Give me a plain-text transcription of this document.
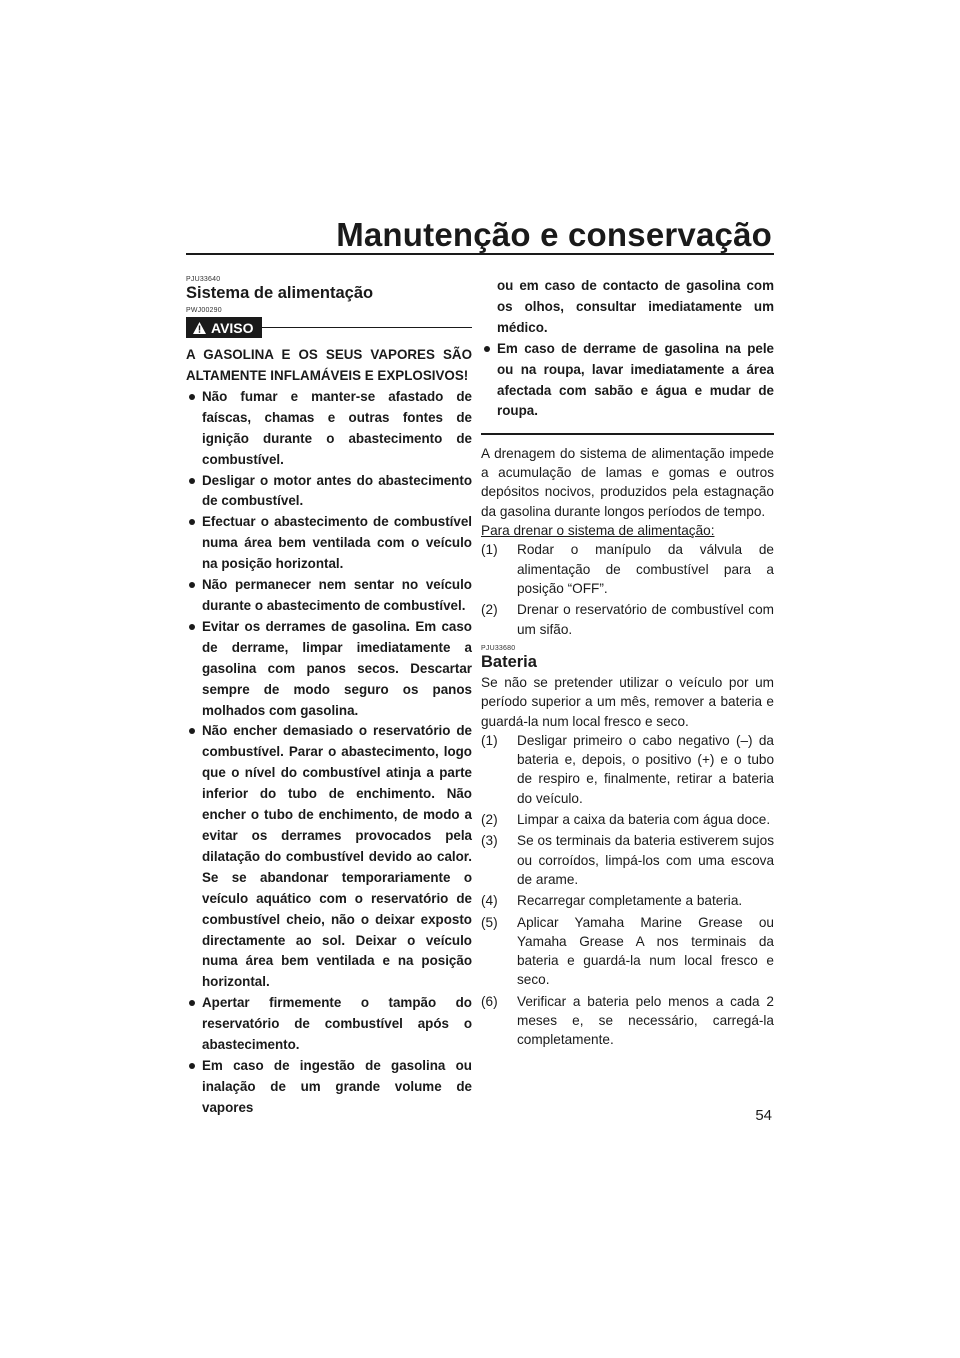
Manutenção e conservação
PJU33640
Sistema de alimentação
PWJ00290
AVISO
A GASOLINA E OS SEUS VAPORES SÃO ALTAMENTE INFLAMÁVEIS E EXPLOSIVOS!
Não fumar e manter-se afastado de faíscas, chamas e outras fontes de ignição durante o abastecimento de combustível.
Desligar o motor antes do abastecimento de combustível.
Efectuar o abastecimento de combustível numa área bem ventilada com o veículo na posição horizontal.
Não permanecer nem sentar no veículo durante o abastecimento de combustível.
Evitar os derrames de gasolina. Em caso de derrame, limpar imediatamente a gasolina com panos secos. Descartar sempre de modo seguro os panos molhados com gasolina.
Não encher demasiado o reservatório de combustível. Parar o abastecimento, logo que o nível do combustível atinja a parte inferior do tubo de enchimento. Não encher o tubo de enchimento, de modo a evitar os derrames provocados pela dilatação do combustível devido ao calor. Se se abandonar temporariamente o veículo aquático com o reservatório de combustível cheio, não o deixar exposto directamente ao sol. Deixar o veículo numa área bem ventilada e na posição horizontal.
Apertar firmemente o tampão do reservatório de combustível após o abastecimento.
Em caso de ingestão de gasolina ou inalação de um grande volume de vapores
ou em caso de contacto de gasolina com os olhos, consultar imediatamente um médico.
Em caso de derrame de gasolina na pele ou na roupa, lavar imediatamente a área afectada com sabão e água e mudar de roupa.
A drenagem do sistema de alimentação impede a acumulação de lamas e gomas e outros depósitos nocivos, produzidos pela estagnação da gasolina durante longos períodos de tempo.
Para drenar o sistema de alimentação:
(1) Rodar o manípulo da válvula de alimentação de combustível para a posição “OFF”.
(2) Drenar o reservatório de combustível com um sifão.
PJU33680
Bateria
Se não se pretender utilizar o veículo por um período superior a um mês, remover a bateria e guardá-la num local fresco e seco.
(1) Desligar primeiro o cabo negativo (–) da bateria e, depois, o positivo (+) e o tubo de respiro e, finalmente, retirar a bateria do veículo.
(2) Limpar a caixa da bateria com água doce.
(3) Se os terminais da bateria estiverem sujos ou corroídos, limpá-los com uma escova de arame.
(4) Recarregar completamente a bateria.
(5) Aplicar Yamaha Marine Grease ou Yamaha Grease A nos terminais da bateria e guardá-la num local fresco e seco.
(6) Verificar a bateria pelo menos a cada 2 meses e, se necessário, carregá-la completamente.
54
